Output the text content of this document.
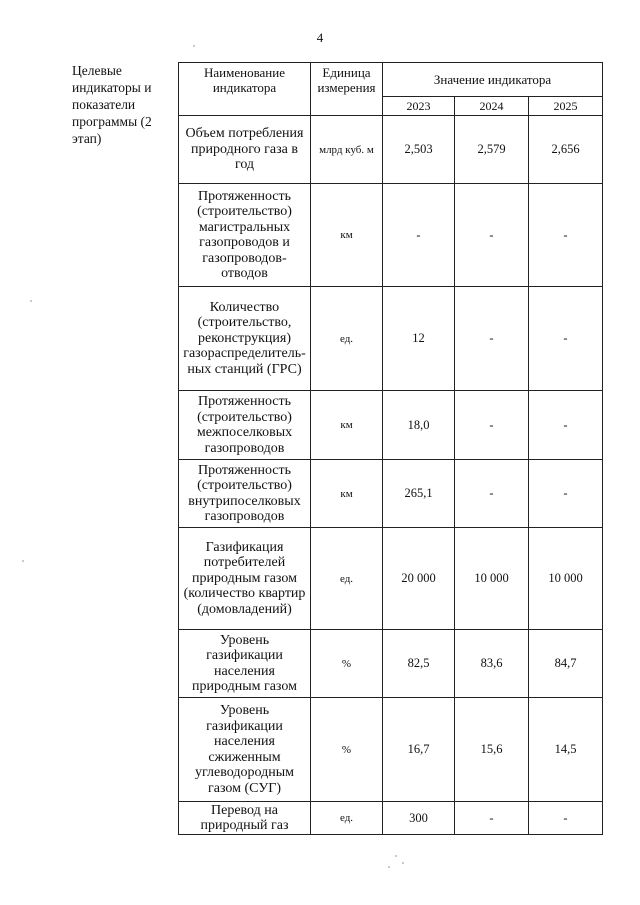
4
Целевые индикаторы и показатели программы (2 этап)
Наименование индикатора	Единица измерения	Значение индикатора		
		2023	2024	2025
Объем потребления природного газа в год	млрд куб. м	2,503	2,579	2,656
Протяженность (строительство) магистральных газопроводов и газопроводов-отводов	км	-	-	-
Количество (строительство, реконструкция) газораспределитель-ных станций (ГРС)	ед.	12	-	-
Протяженность (строительство) межпоселковых газопроводов	км	18,0	-	-
Протяженность (строительство) внутрипоселковых газопроводов	км	265,1	-	-
Газификация потребителей природным газом (количество квартир (домовладений)	ед.	20 000	10 000	10 000
Уровень газификации населения природным газом	%	82,5	83,6	84,7
Уровень газификации населения сжиженным углеводородным газом (СУГ)	%	16,7	15,6	14,5
Перевод на природный газ	ед.	300	-	-
